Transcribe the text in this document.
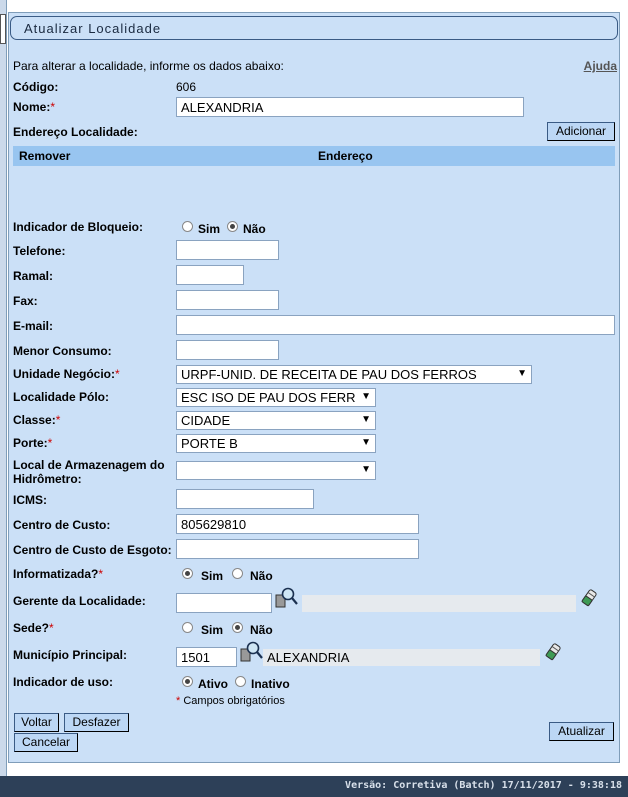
Atualizar Localidade
Para alterar a localidade, informe os dados abaixo:	Ajuda
Código:	606
Nome:*	ALEXANDRIA
Endereço Localidade:	Adicionar
Remover	Endereço
Indicador de Bloqueio:	Sim Não
Telefone:
Ramal:
Fax:
E-mail:
Menor Consumo:
Unidade Negócio:*	URPF-UNID. DE RECEITA DE PAU DOS FERROS	▼
Localidade Pólo:	ESC ISO DE PAU DOS FERR ▼
Classe:*	CIDADE	▼
Porte:*	PORTE B	▼
Local de Armazenagem do
Hidrômetro:
▼
ICMS:
Centro de Custo:	805629810
Centro de Custo de Esgoto:
Informatizada?*	Sim Não
Gerente da Localidade:
Sede?*	Sim Não
Município Principal:	1501	ALEXANDRIA
Indicador de uso:	Ativo Inativo
* Campos obrigatórios
Voltar	Desfazer
Cancelar
Atualizar
Versão: Corretiva (Batch) 17/11/2017 - 9:38:18
